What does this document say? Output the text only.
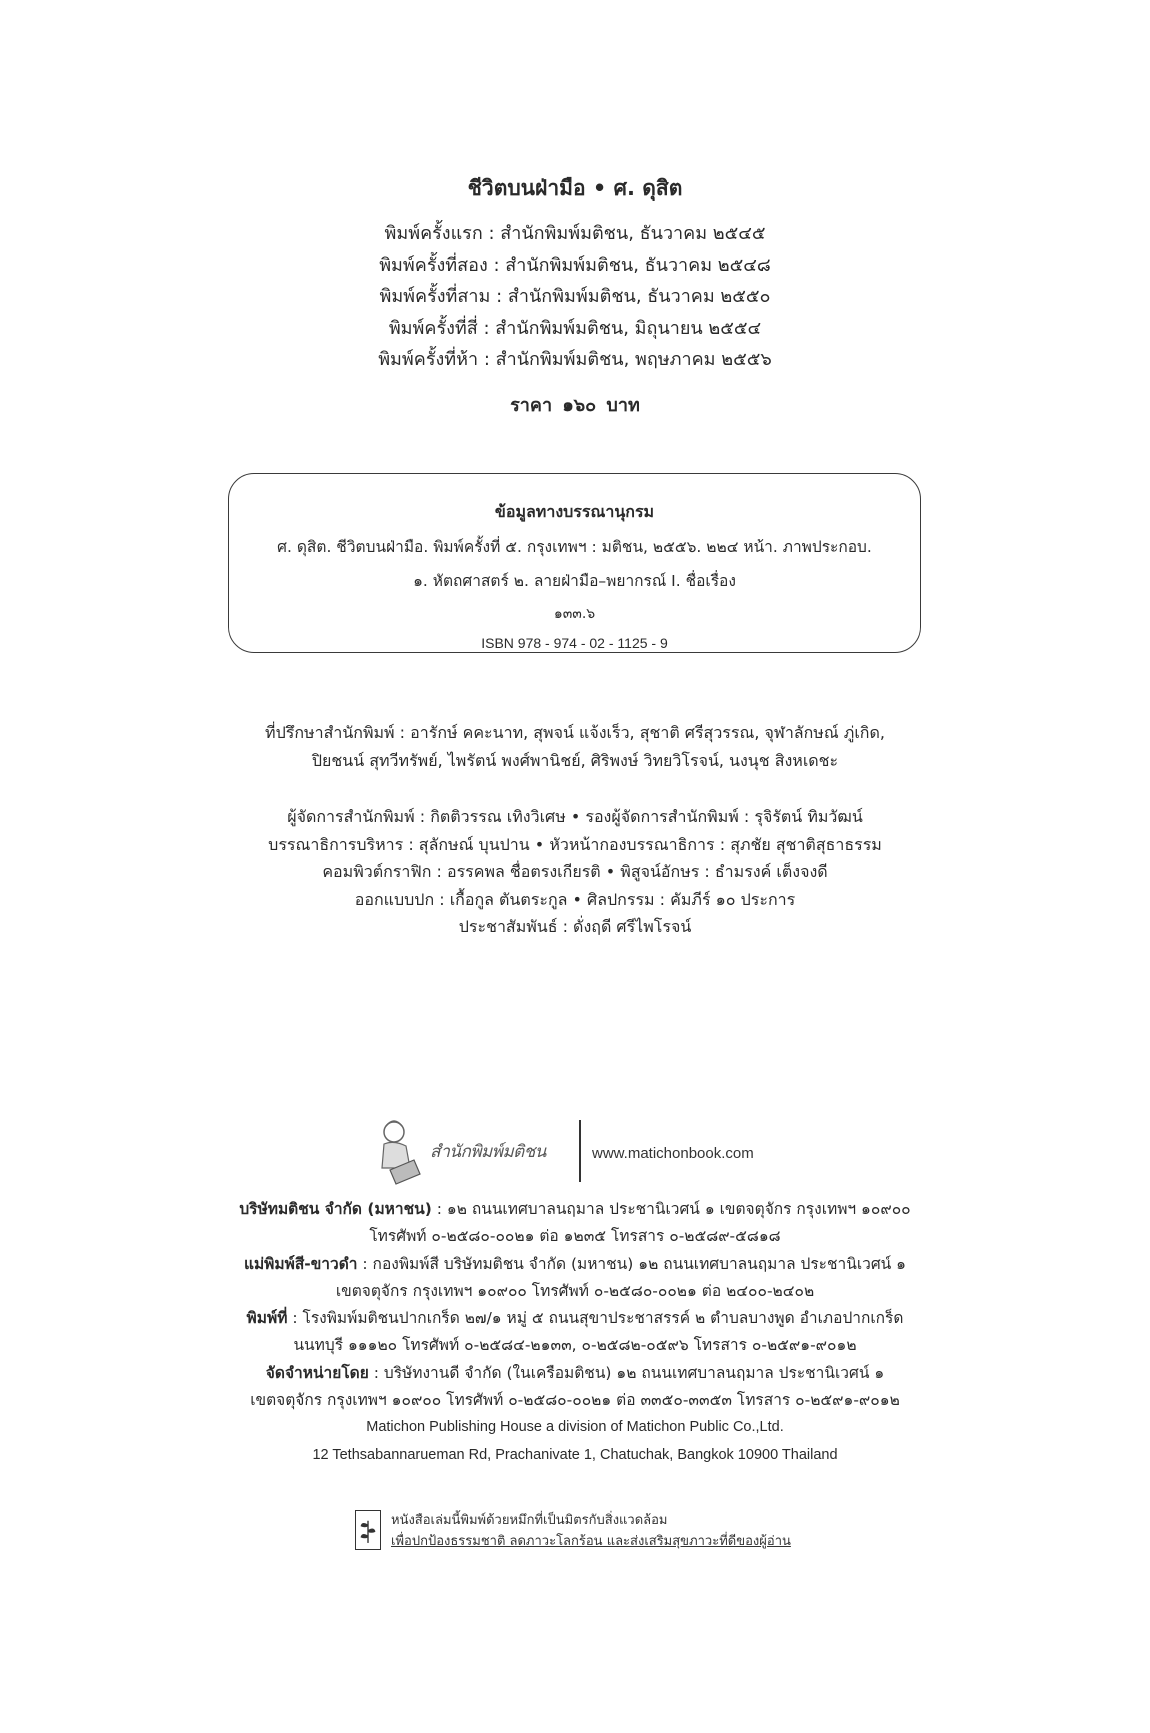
ชีวิตบนฝ่ามือ • ศ. ดุสิต
พิมพ์ครั้งแรก : สำนักพิมพ์มติชน, ธันวาคม ๒๕๔๕
พิมพ์ครั้งที่สอง : สำนักพิมพ์มติชน, ธันวาคม ๒๕๔๘
พิมพ์ครั้งที่สาม : สำนักพิมพ์มติชน, ธันวาคม ๒๕๕๐
พิมพ์ครั้งที่สี่ : สำนักพิมพ์มติชน, มิถุนายน ๒๕๕๔
พิมพ์ครั้งที่ห้า : สำนักพิมพ์มติชน, พฤษภาคม ๒๕๕๖
ราคา ๑๖๐ บาท
ข้อมูลทางบรรณานุกรม
ศ. ดุสิต. ชีวิตบนฝ่ามือ. พิมพ์ครั้งที่ ๕. กรุงเทพฯ : มติชน, ๒๕๕๖. ๒๒๔ หน้า. ภาพประกอบ.
๑. หัตถศาสตร์ ๒. ลายฝ่ามือ–พยากรณ์ I. ชื่อเรื่อง
๑๓๓.๖
ISBN 978 - 974 - 02 - 1125 - 9
ที่ปรึกษาสำนักพิมพ์ : อารักษ์ คคะนาท, สุพจน์ แจ้งเร็ว, สุชาติ ศรีสุวรรณ, จุฬาลักษณ์ ภู่เกิด,
ปิยชนน์ สุทวีทรัพย์, ไพรัตน์ พงศ์พานิชย์, ศิริพงษ์ วิทยวิโรจน์, นงนุช สิงหเดชะ
ผู้จัดการสำนักพิมพ์ : กิตติวรรณ เทิงวิเศษ • รองผู้จัดการสำนักพิมพ์ : รุจิรัตน์ ทิมวัฒน์
บรรณาธิการบริหาร : สุลักษณ์ บุนปาน • หัวหน้ากองบรรณาธิการ : สุภชัย สุชาติสุธาธรรม
คอมพิวต์กราฟิก : อรรคพล ชื่อตรงเกียรติ • พิสูจน์อักษร : ธำมรงค์ เต็งจงดี
ออกแบบปก : เกื้อกูล ตันตระกูล • ศิลปกรรม : คัมภีร์ ๑๐ ประการ
ประชาสัมพันธ์ : ดั่งฤดี ศรีไพโรจน์
สำนักพิมพ์มติชน	www.matichonbook.com
บริษัทมติชน จำกัด (มหาชน) : ๑๒ ถนนเทศบาลนฤมาล ประชานิเวศน์ ๑ เขตจตุจักร กรุงเทพฯ ๑๐๙๐๐
โทรศัพท์ ๐-๒๕๘๐-๐๐๒๑ ต่อ ๑๒๓๕ โทรสาร ๐-๒๕๘๙-๕๘๑๘
แม่พิมพ์สี-ขาวดำ : กองพิมพ์สี บริษัทมติชน จำกัด (มหาชน) ๑๒ ถนนเทศบาลนฤมาล ประชานิเวศน์ ๑
เขตจตุจักร กรุงเทพฯ ๑๐๙๐๐ โทรศัพท์ ๐-๒๕๘๐-๐๐๒๑ ต่อ ๒๔๐๐-๒๔๐๒
พิมพ์ที่ : โรงพิมพ์มติชนปากเกร็ด ๒๗/๑ หมู่ ๕ ถนนสุขาประชาสรรค์ ๒ ตำบลบางพูด อำเภอปากเกร็ด
นนทบุรี ๑๑๑๒๐ โทรศัพท์ ๐-๒๕๘๔-๒๑๓๓, ๐-๒๕๘๒-๐๕๙๖ โทรสาร ๐-๒๕๙๑-๙๐๑๒
จัดจำหน่ายโดย : บริษัทงานดี จำกัด (ในเครือมติชน) ๑๒ ถนนเทศบาลนฤมาล ประชานิเวศน์ ๑
เขตจตุจักร กรุงเทพฯ ๑๐๙๐๐ โทรศัพท์ ๐-๒๕๘๐-๐๐๒๑ ต่อ ๓๓๕๐-๓๓๕๓ โทรสาร ๐-๒๕๙๑-๙๐๑๒
Matichon Publishing House a division of Matichon Public Co.,Ltd.
12 Tethsabannarueman Rd, Prachanivate 1, Chatuchak, Bangkok 10900 Thailand
หนังสือเล่มนี้พิมพ์ด้วยหมึกที่เป็นมิตรกับสิ่งแวดล้อม
เพื่อปกป้องธรรมชาติ ลดภาวะโลกร้อน และส่งเสริมสุขภาวะที่ดีของผู้อ่าน
